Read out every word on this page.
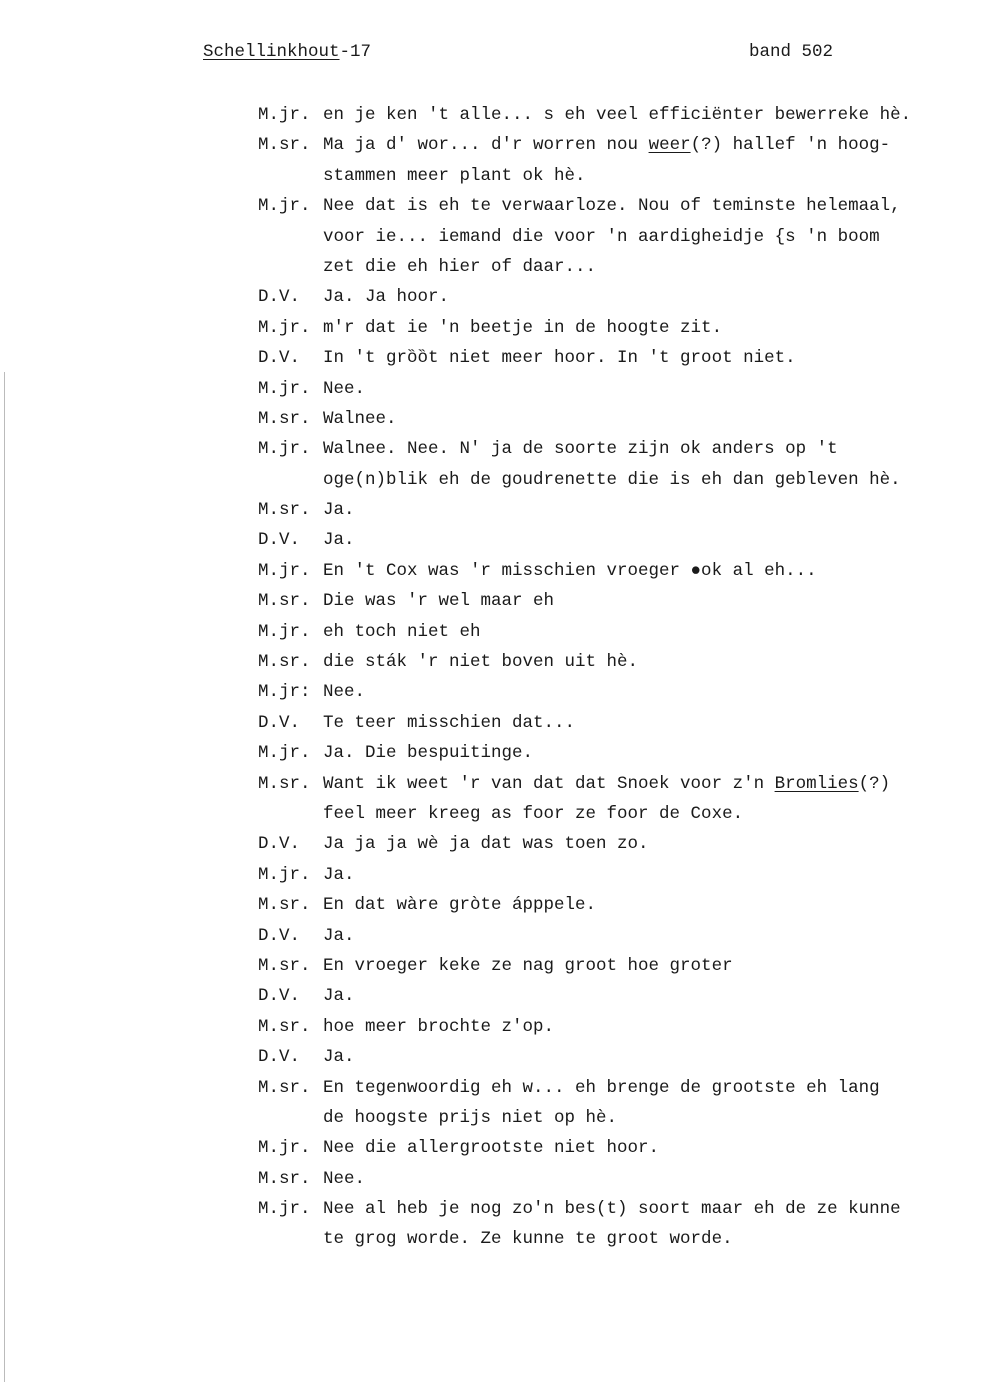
Schellinkhout-17	band 502
M.jr. en je ken 't alle... s eh veel efficiënter bewerreke hè.
M.sr. Ma ja d' wor... d'r worren nou weer(?) hallef 'n hoog-
stammen meer plant ok hè.
M.jr. Nee dat is eh te verwaarloze. Nou of teminste helemaal,
voor ie... iemand die voor 'n aardigheidje {s 'n boom
zet die eh hier of daar...
D.V.	Ja. Ja hoor.
M.jr. m'r dat ie 'n beetje in de hoogte zit.
D.V.	In 't grȍȍt niet meer hoor. In 't groot niet.
M.jr. Nee.
M.sr. Walnee.
M.jr. Walnee. Nee. N' ja de soorte zijn ok anders op 't
oge(n)blik eh de goudrenette die is eh dan gebleven hè.
M.sr. Ja.
D.V.	Ja.
M.jr. En 't Cox was 'r misschien vroeger ●ok al eh...
M.sr. Die was 'r wel maar eh
M.jr. eh toch niet eh
M.sr. die sták 'r niet boven uit hè.
M.jr: Nee.
D.V.	Te teer misschien dat...
M.jr. Ja. Die bespuitinge.
M.sr. Want ik weet 'r van dat dat Snoek voor z'n Bromlies(?)
feel meer kreeg as foor ze foor de Coxe.
D.V.	Ja ja ja wè ja dat was toen zo.
M.jr. Ja.
M.sr. En dat wàre gròte ápppele.
D.V.	Ja.
M.sr. En vroeger keke ze nag groot hoe groter
D.V.	Ja.
M.sr. hoe meer brochte z'op.
D.V.	Ja.
M.sr. En tegenwoordig eh w... eh brenge de grootste eh lang
de hoogste prijs niet op hè.
M.jr. Nee die allergrootste niet hoor.
M.sr. Nee.
M.jr. Nee al heb je nog zo'n bes(t) soort maar eh de ze kunne
te grog worde. Ze kunne te groot worde.
